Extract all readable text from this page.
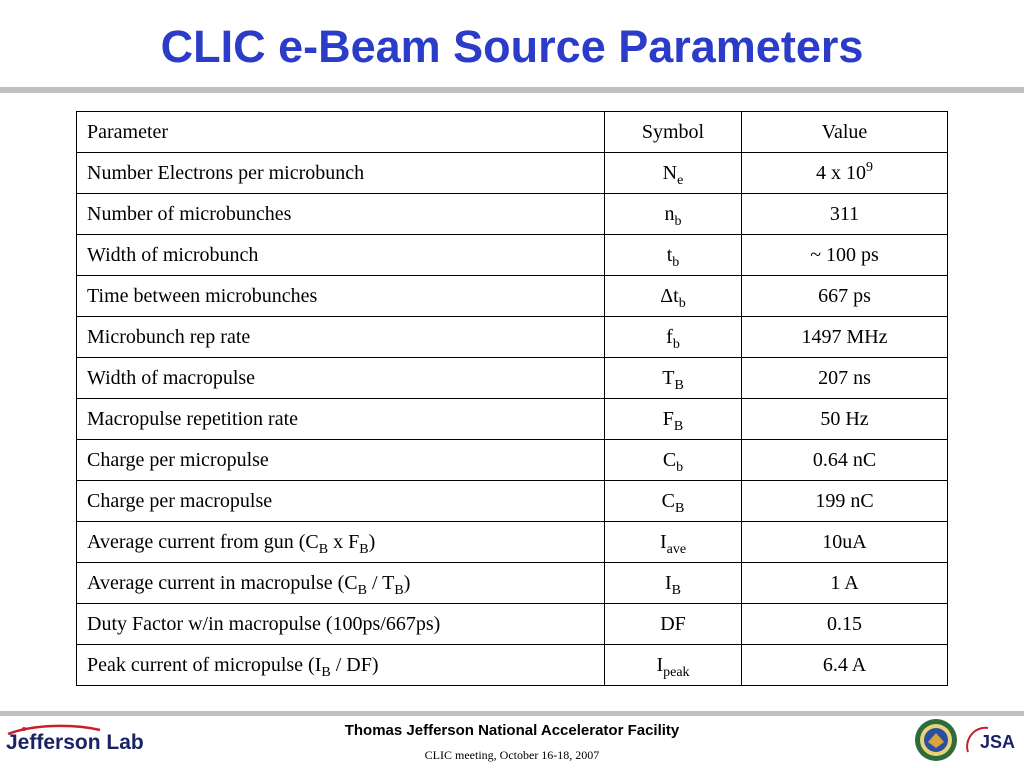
CLIC e-Beam Source Parameters
Parameter	Symbol	Value
Number Electrons per microbunch	$N_e$	4 x $10^9$
Number of microbunches	$n_b$	311
Width of microbunch	$t_b$	~ 100 ps
Time between microbunches	$\Delta t_b$	667 ps
Microbunch rep rate	$f_b$	1497 MHz
Width of macropulse	$T_B$	207 ns
Macropulse repetition rate	$F_B$	50 Hz
Charge per micropulse	$C_b$	0.64 nC
Charge per macropulse	$C_B$	199 nC
Average current from gun ($C_B$ x $F_B$)	$I_{ave}$	10uA
Average current in macropulse $(C_B / T_B)$	$I_B$	1 A
Duty Factor w/in macropulse (100ps/667ps)	DF	0.15
Peak current of micropulse $(I_B / DF)$	$I_{peak}$	6.4 A
Jefferson Lab
Thomas Jefferson National Accelerator Facility
CLIC meeting, October 16-18, 2007
JSA
